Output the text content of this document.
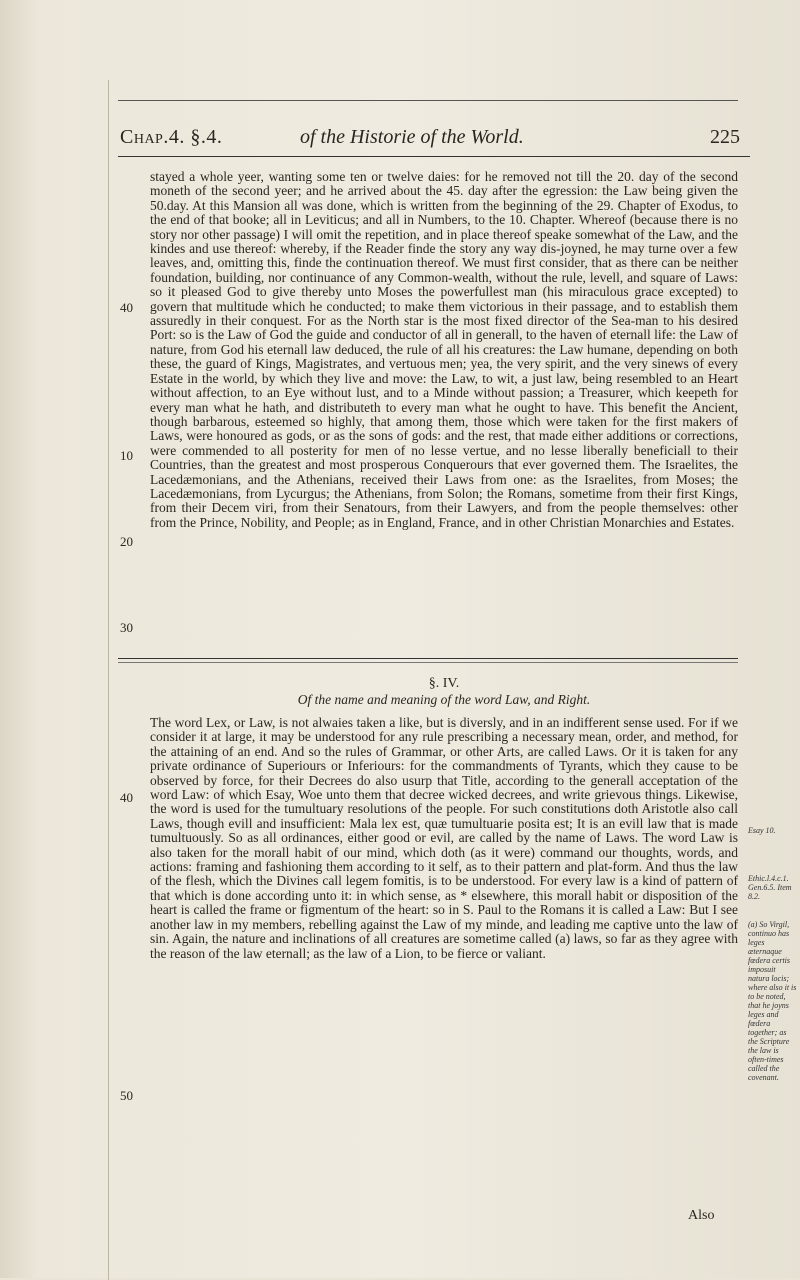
Chap.4. §.4.	of the Historie of the World.	225
10
20
30
40
50
40

stayed a whole yeer, wanting some ten or twelve daies: for he removed not till the 20. day of the second moneth of the second yeer; and he arrived about the 45. day after the egression: the Law being given the 50.day. At this Mansion all was done, which is written from the beginning of the 29. Chapter of Exodus, to the end of that booke; all in Leviticus; and all in Numbers, to the 10. Chapter. Whereof (because there is no story nor other passage) I will omit the repetition, and in place thereof speake somewhat of the Law, and the kindes and use thereof: whereby, if the Reader finde the story any way dis-joyned, he may turne over a few leaves, and, omitting this, finde the continuation thereof. We must first consider, that as there can be neither foundation, building, nor continuance of any Common-wealth, without the rule, levell, and square of Laws: so it pleased God to give thereby unto Moses the powerfullest man (his miraculous grace excepted) to govern that multitude which he conducted; to make them victorious in their passage, and to establish them assuredly in their conquest. For as the North star is the most fixed director of the Sea-man to his desired Port: so is the Law of God the guide and conductor of all in generall, to the haven of eternall life: the Law of nature, from God his eternall law deduced, the rule of all his creatures: the Law humane, depending on both these, the guard of Kings, Magistrates, and vertuous men; yea, the very spirit, and the very sinews of every Estate in the world, by which they live and move: the Law, to wit, a just law, being resembled to an Heart without affection, to an Eye without lust, and to a Minde without passion; a Treasurer, which keepeth for every man what he hath, and distributeth to every man what he ought to have. This benefit the Ancient, though barbarous, esteemed so highly, that among them, those which were taken for the first makers of Laws, were honoured as gods, or as the sons of gods: and the rest, that made either additions or corrections, were commended to all posterity for men of no lesse vertue, and no lesse liberally beneficiall to their Countries, than the greatest and most prosperous Conquerours that ever governed them. The Israelites, the Lacedæmonians, and the Athenians, received their Laws from one: as the Israelites, from Moses; the Lacedæmonians, from Lycurgus; the Athenians, from Solon; the Romans, sometime from their first Kings, from their Decem viri, from their Senatours, from their Lawyers, and from the people themselves: other from the Prince, Nobility, and People; as in England, France, and in other Christian Monarchies and Estates.

§. IV.
Of the name and meaning of the word Law, and Right.

The word Lex, or Law, is not alwaies taken a like, but is diversly, and in an indifferent sense used. For if we consider it at large, it may be understood for any rule prescribing a necessary mean, order, and method, for the attaining of an end. And so the rules of Grammar, or other Arts, are called Laws. Or it is taken for any private ordinance of Superiours or Inferiours: for the commandments of Tyrants, which they cause to be observed by force, for their Decrees do also usurp that Title, according to the generall acceptation of the word Law: of which Esay, Woe unto them that decree wicked decrees, and write grievous things. Likewise, the word is used for the tumultuary resolutions of the people. For such constitutions doth Aristotle also call Laws, though evill and insufficient: Mala lex est, quæ tumultuarie posita est; It is an evill law that is made tumultuously. So as all ordinances, either good or evil, are called by the name of Laws. The word Law is also taken for the morall habit of our mind, which doth (as it were) command our thoughts, words, and actions: framing and fashioning them according to it self, as to their pattern and plat-form. And thus the law of the flesh, which the Divines call legem fomitis, is to be understood. For every law is a kind of pattern of that which is done according unto it: in which sense, as * elsewhere, this morall habit or disposition of the heart is called the frame or figmentum of the heart: so in S. Paul to the Romans it is called a Law: But I see another law in my members, rebelling against the Law of my minde, and leading me captive unto the law of sin. Again, the nature and inclinations of all creatures are sometime called (a) laws, so far as they agree with the reason of the law eternall; as the law of a Lion, to be fierce or valiant.

Esay 10.
Ethic.l.4.c.1. Gen.6.5. Item 8.2.
(a) So Virgil, continuo has leges æternaque fœdera certis imposuit natura locis; where also it is to be noted, that he joyns leges and fœdera together; as the Scripture the law is often-times called the covenant.
Also
